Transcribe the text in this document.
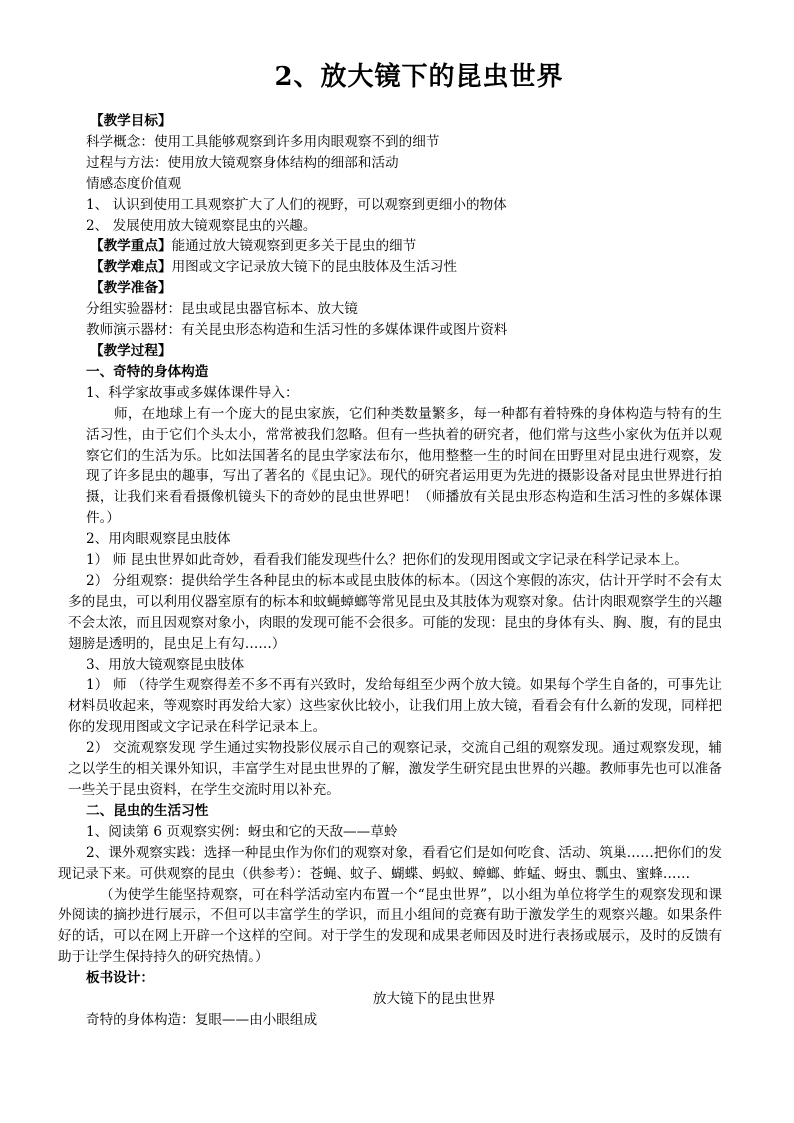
2、放大镜下的昆虫世界
【教学目标】
科学概念：使用工具能够观察到许多用肉眼观察不到的细节
过程与方法：使用放大镜观察身体结构的细部和活动
情感态度价值观
1、 认识到使用工具观察扩大了人们的视野，可以观察到更细小的物体
2、 发展使用放大镜观察昆虫的兴趣。
【教学重点】能通过放大镜观察到更多关于昆虫的细节
【教学难点】用图或文字记录放大镜下的昆虫肢体及生活习性
【教学准备】
分组实验器材：昆虫或昆虫器官标本、放大镜
教师演示器材：有关昆虫形态构造和生活习性的多媒体课件或图片资料
【教学过程】
一、奇特的身体构造
1、科学家故事或多媒体课件导入：

师，在地球上有一个庞大的昆虫家族，它们种类数量繁多，每一种都有着特殊的身体构造与特有的生活习性，由于它们个头太小，常常被我们忽略。但有一些执着的研究者，他们常与这些小家伙为伍并以观察它们的生活为乐。比如法国著名的昆虫学家法布尔，他用整整一生的时间在田野里对昆虫进行观察，发现了许多昆虫的趣事，写出了著名的《昆虫记》。现代的研究者运用更为先进的摄影设备对昆虫世界进行拍摄，让我们来看看摄像机镜头下的奇妙的昆虫世界吧！（师播放有关昆虫形态构造和生活习性的多媒体课件。）

2、用肉眼观察昆虫肢体

1） 师 昆虫世界如此奇妙，看看我们能发现些什么？把你们的发现用图或文字记录在科学记录本上。

2） 分组观察：提供给学生各种昆虫的标本或昆虫肢体的标本。（因这个寒假的冻灾，估计开学时不会有太多的昆虫，可以利用仪器室原有的标本和蚊蝇蟑螂等常见昆虫及其肢体为观察对象。估计肉眼观察学生的兴趣不会太浓，而且因观察对象小，肉眼的发现可能不会很多。可能的发现：昆虫的身体有头、胸、腹，有的昆虫翅膀是透明的，昆虫足上有勾……）

3、用放大镜观察昆虫肢体

1） 师 （待学生观察得差不多不再有兴致时，发给每组至少两个放大镜。如果每个学生自备的，可事先让材料员收起来，等观察时再发给大家）这些家伙比较小，让我们用上放大镜，看看会有什么新的发现，同样把你的发现用图或文字记录在科学记录本上。

2） 交流观察发现 学生通过实物投影仪展示自己的观察记录，交流自己组的观察发现。通过观察发现，辅之以学生的相关课外知识，丰富学生对昆虫世界的了解，激发学生研究昆虫世界的兴趣。教师事先也可以准备一些关于昆虫资料，在学生交流时用以补充。

二、昆虫的生活习性
1、阅读第 6 页观察实例：蚜虫和它的天敌——草蛉

2、课外观察实践：选择一种昆虫作为你们的观察对象，看看它们是如何吃食、活动、筑巢……把你们的发现记录下来。可供观察的昆虫（供参考）：苍蝇、蚊子、蝴蝶、蚂蚁、蟑螂、蚱蜢、蚜虫、瓢虫、蜜蜂……

（为使学生能坚持观察，可在科学活动室内布置一个“昆虫世界”，以小组为单位将学生的观察发现和课外阅读的摘抄进行展示，不但可以丰富学生的学识，而且小组间的竞赛有助于激发学生的观察兴趣。如果条件好的话，可以在网上开辟一个这样的空间。对于学生的发现和成果老师因及时进行表扬或展示，及时的反馈有助于让学生保持持久的研究热情。）

板书设计：
放大镜下的昆虫世界
奇特的身体构造：复眼——由小眼组成
